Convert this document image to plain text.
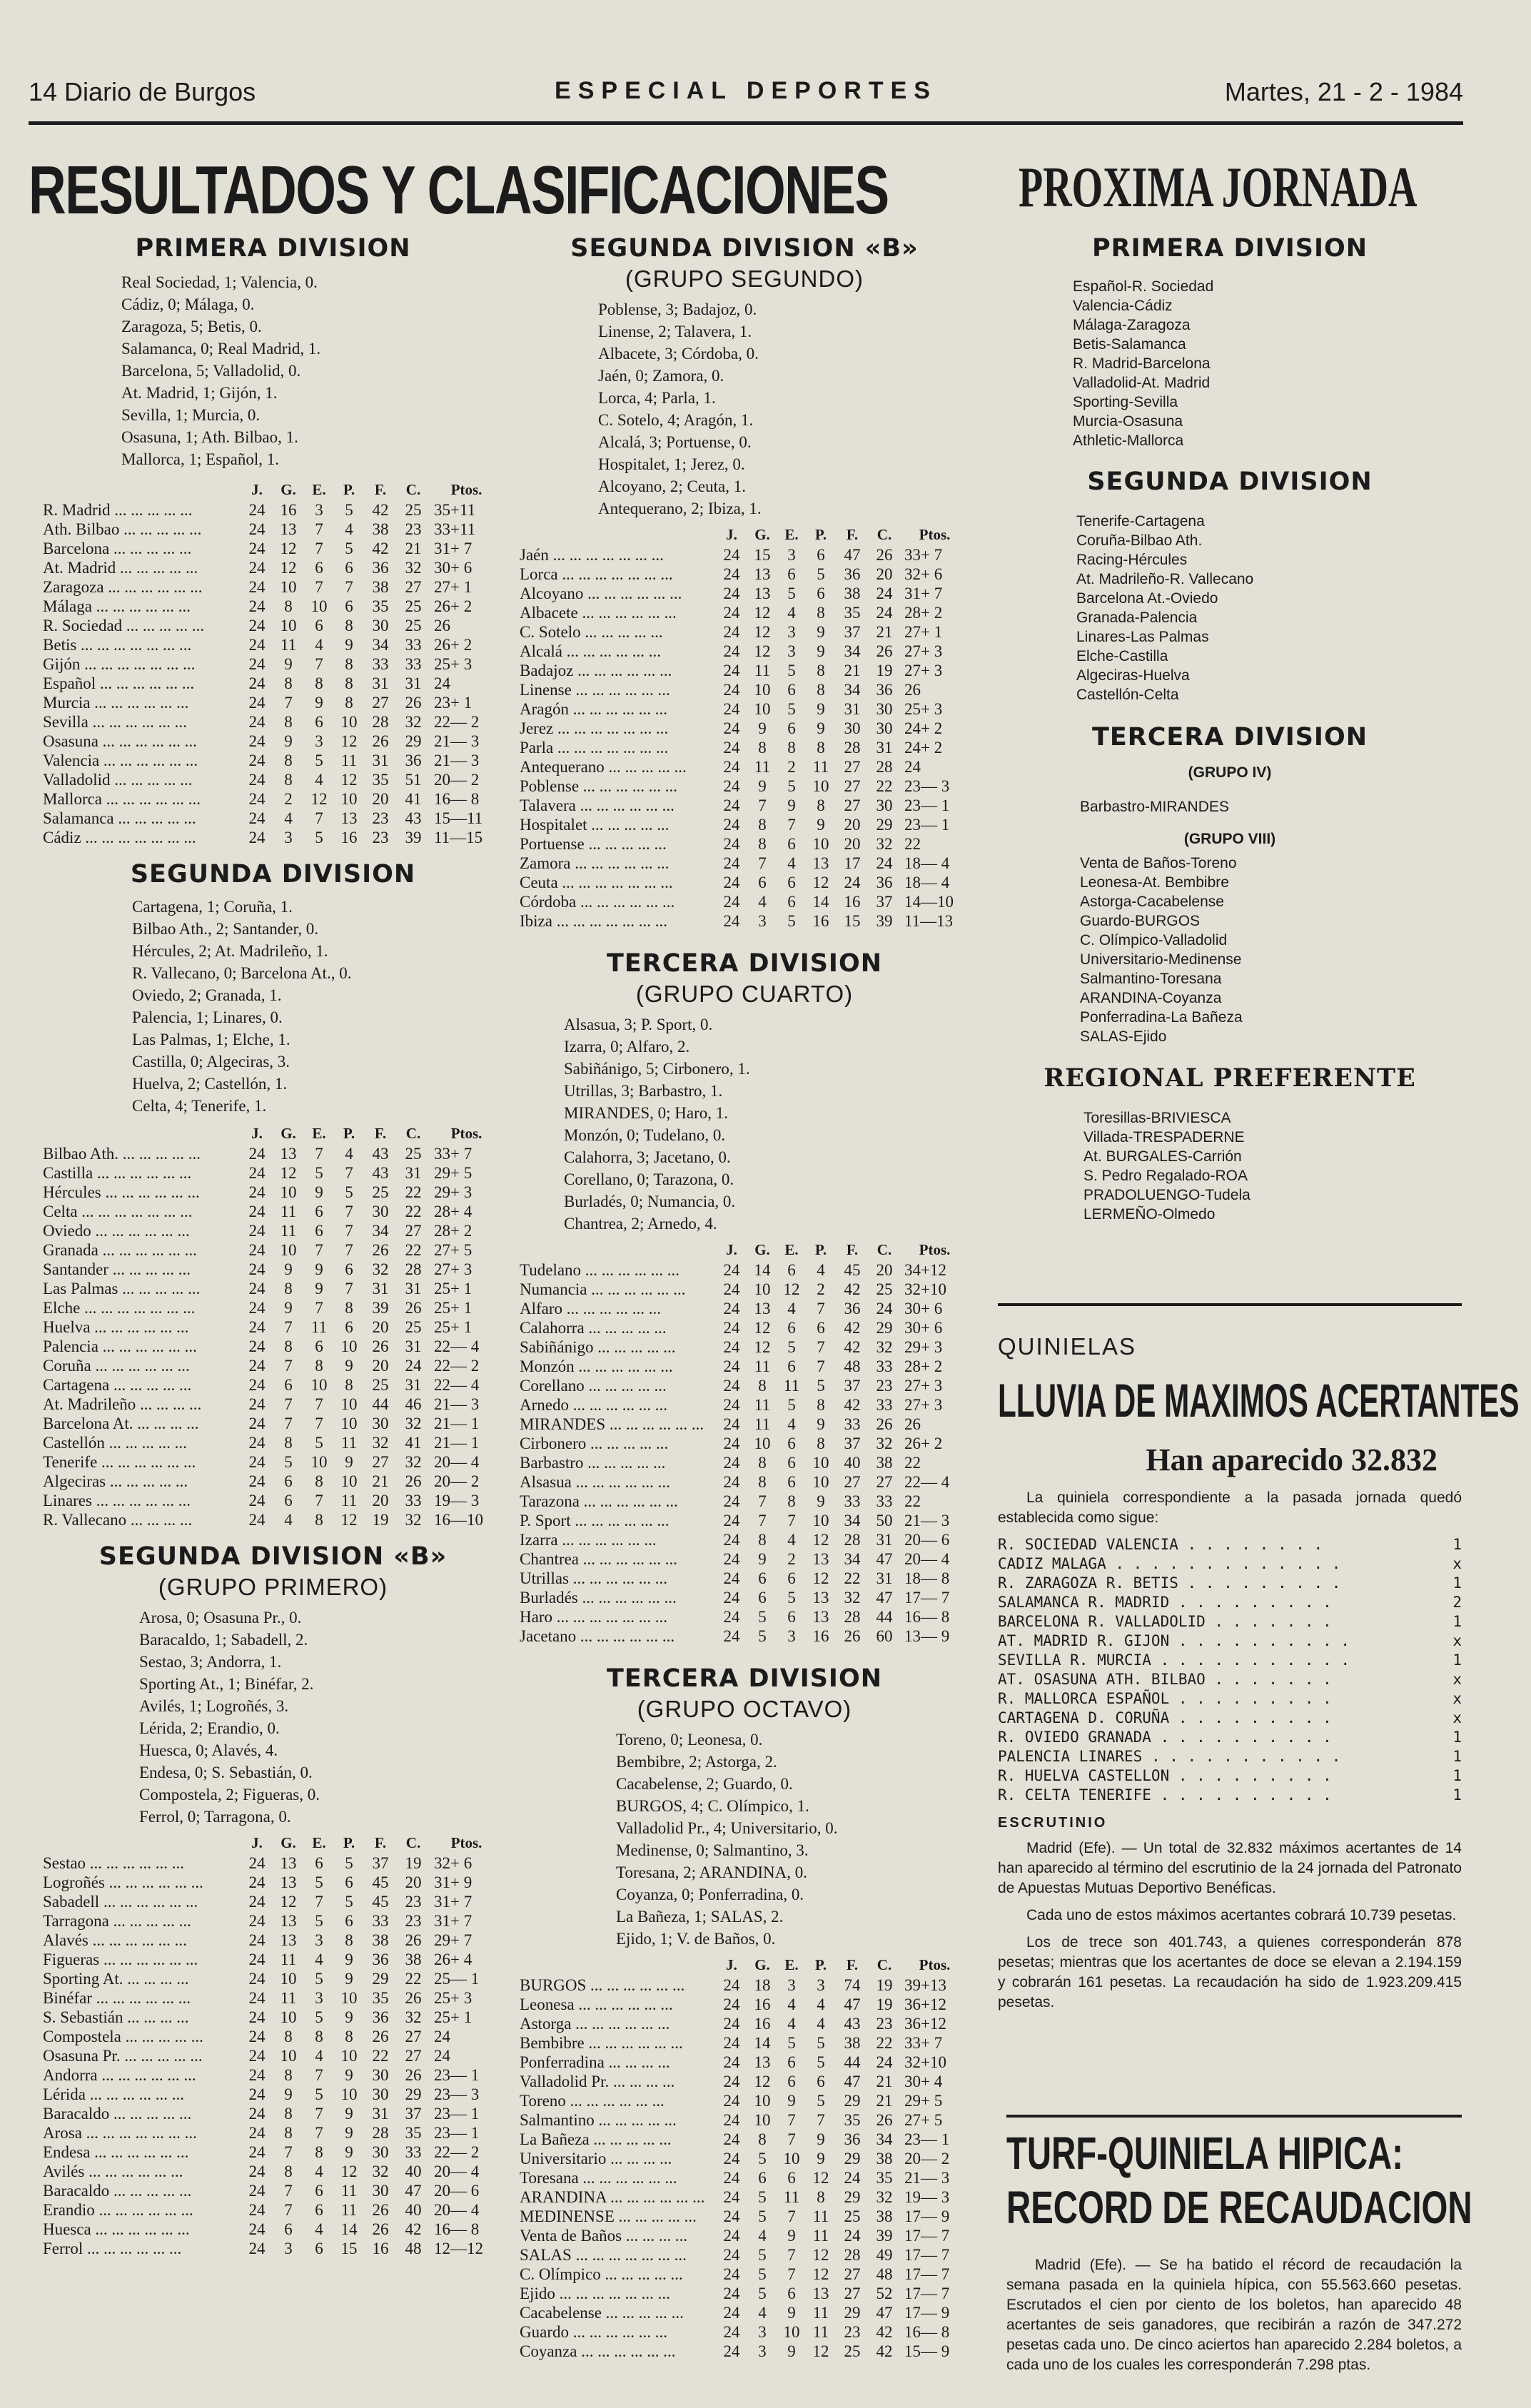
14 Diario de Burgos	ESPECIAL DEPORTES	Martes, 21 - 2 - 1984
RESULTADOS Y CLASIFICACIONES PROXIMA JORNADA
PRIMERA DIVISION
Real Sociedad, 1; Valencia, 0.
Cádiz, 0; Málaga, 0.
Zaragoza, 5; Betis, 0.
Salamanca, 0; Real Madrid, 1.
Barcelona, 5; Valladolid, 0.
At. Madrid, 1; Gijón, 1.
Sevilla, 1; Murcia, 0.
Osasuna, 1; Ath. Bilbao, 1.
Mallorca, 1; Español, 1.
	J.	G.	E.	P.	F.	C.	Ptos.
R. Madrid ... ... ... ... ...	24	16	3	5	42	25	35+11
Ath. Bilbao ... ... ... ... ...	24	13	7	4	38	23	33+11
Barcelona ... ... ... ... ...	24	12	7	5	42	21	31+ 7
At. Madrid ... ... ... ... ...	24	12	6	6	36	32	30+ 6
Zaragoza ... ... ... ... ... ...	24	10	7	7	38	27	27+ 1
Málaga ... ... ... ... ... ...	24	8	10	6	35	25	26+ 2
R. Sociedad ... ... ... ... ...	24	10	6	8	30	25	26
Betis ... ... ... ... ... ... ...	24	11	4	9	34	33	26+ 2
Gijón ... ... ... ... ... ... ...	24	9	7	8	33	33	25+ 3
Español ... ... ... ... ... ...	24	8	8	8	31	31	24
Murcia ... ... ... ... ... ...	24	7	9	8	27	26	23+ 1
Sevilla ... ... ... ... ... ...	24	8	6	10	28	32	22— 2
Osasuna ... ... ... ... ... ...	24	9	3	12	26	29	21— 3
Valencia ... ... ... ... ... ...	24	8	5	11	31	36	21— 3
Valladolid ... ... ... ... ...	24	8	4	12	35	51	20— 2
Mallorca ... ... ... ... ... ...	24	2	12	10	20	41	16— 8
Salamanca ... ... ... ... ...	24	4	7	13	23	43	15—11
Cádiz ... ... ... ... ... ... ...	24	3	5	16	23	39	11—15
SEGUNDA DIVISION
Cartagena, 1; Coruña, 1.
Bilbao Ath., 2; Santander, 0.
Hércules, 2; At. Madrileño, 1.
R. Vallecano, 0; Barcelona At., 0.
Oviedo, 2; Granada, 1.
Palencia, 1; Linares, 0.
Las Palmas, 1; Elche, 1.
Castilla, 0; Algeciras, 3.
Huelva, 2; Castellón, 1.
Celta, 4; Tenerife, 1.
	J.	G.	E.	P.	F.	C.	Ptos.
Bilbao Ath. ... ... ... ... ...	24	13	7	4	43	25	33+ 7
Castilla ... ... ... ... ... ...	24	12	5	7	43	31	29+ 5
Hércules ... ... ... ... ... ...	24	10	9	5	25	22	29+ 3
Celta ... ... ... ... ... ... ...	24	11	6	7	30	22	28+ 4
Oviedo ... ... ... ... ... ...	24	11	6	7	34	27	28+ 2
Granada ... ... ... ... ... ...	24	10	7	7	26	22	27+ 5
Santander ... ... ... ... ...	24	9	9	6	32	28	27+ 3
Las Palmas ... ... ... ... ...	24	8	9	7	31	31	25+ 1
Elche ... ... ... ... ... ... ...	24	9	7	8	39	26	25+ 1
Huelva ... ... ... ... ... ...	24	7	11	6	20	25	25+ 1
Palencia ... ... ... ... ... ...	24	8	6	10	26	31	22— 4
Coruña ... ... ... ... ... ...	24	7	8	9	20	24	22— 2
Cartagena ... ... ... ... ...	24	6	10	8	25	31	22— 4
At. Madrileño ... ... ... ...	24	7	7	10	44	46	21— 3
Barcelona At. ... ... ... ...	24	7	7	10	30	32	21— 1
Castellón ... ... ... ... ...	24	8	5	11	32	41	21— 1
Tenerife ... ... ... ... ... ...	24	5	10	9	27	32	20— 4
Algeciras ... ... ... ... ...	24	6	8	10	21	26	20— 2
Linares ... ... ... ... ... ...	24	6	7	11	20	33	19— 3
R. Vallecano ... ... ... ...	24	4	8	12	19	32	16—10
SEGUNDA DIVISION «B»
(GRUPO PRIMERO)
Arosa, 0; Osasuna Pr., 0.
Baracaldo, 1; Sabadell, 2.
Sestao, 3; Andorra, 1.
Sporting At., 1; Binéfar, 2.
Avilés, 1; Logroñés, 3.
Lérida, 2; Erandio, 0.
Huesca, 0; Alavés, 4.
Endesa, 0; S. Sebastián, 0.
Compostela, 2; Figueras, 0.
Ferrol, 0; Tarragona, 0.
	J.	G.	E.	P.	F.	C.	Ptos.
Sestao ... ... ... ... ... ...	24	13	6	5	37	19	32+ 6
Logroñés ... ... ... ... ... ...	24	13	5	6	45	20	31+ 9
Sabadell ... ... ... ... ... ...	24	12	7	5	45	23	31+ 7
Tarragona ... ... ... ... ...	24	13	5	6	33	23	31+ 7
Alavés ... ... ... ... ... ...	24	13	3	8	38	26	29+ 7
Figueras ... ... ... ... ... ...	24	11	4	9	36	38	26+ 4
Sporting At. ... ... ... ...	24	10	5	9	29	22	25— 1
Binéfar ... ... ... ... ... ...	24	11	3	10	35	26	25+ 3
S. Sebastián ... ... ... ...	24	10	5	9	36	32	25+ 1
Compostela ... ... ... ... ...	24	8	8	8	26	27	24
Osasuna Pr. ... ... ... ... ...	24	10	4	10	22	27	24
Andorra ... ... ... ... ... ...	24	8	7	9	30	26	23— 1
Lérida ... ... ... ... ... ...	24	9	5	10	30	29	23— 3
Baracaldo ... ... ... ... ...	24	8	7	9	31	37	23— 1
Arosa ... ... ... ... ... ... ...	24	8	7	9	28	35	23— 1
Endesa ... ... ... ... ... ...	24	7	8	9	30	33	22— 2
Avilés ... ... ... ... ... ...	24	8	4	12	32	40	20— 4
Baracaldo ... ... ... ... ...	24	7	6	11	30	47	20— 6
Erandio ... ... ... ... ... ...	24	7	6	11	26	40	20— 4
Huesca ... ... ... ... ... ...	24	6	4	14	26	42	16— 8
Ferrol ... ... ... ... ... ...	24	3	6	15	16	48	12—12
SEGUNDA DIVISION «B»
(GRUPO SEGUNDO)
Poblense, 3; Badajoz, 0.
Linense, 2; Talavera, 1.
Albacete, 3; Córdoba, 0.
Jaén, 0; Zamora, 0.
Lorca, 4; Parla, 1.
C. Sotelo, 4; Aragón, 1.
Alcalá, 3; Portuense, 0.
Hospitalet, 1; Jerez, 0.
Alcoyano, 2; Ceuta, 1.
Antequerano, 2; Ibiza, 1.
	J.	G.	E.	P.	F.	C.	Ptos.
Jaén ... ... ... ... ... ... ...	24	15	3	6	47	26	33+ 7
Lorca ... ... ... ... ... ... ...	24	13	6	5	36	20	32+ 6
Alcoyano ... ... ... ... ... ...	24	13	5	6	38	24	31+ 7
Albacete ... ... ... ... ... ...	24	12	4	8	35	24	28+ 2
C. Sotelo ... ... ... ... ...	24	12	3	9	37	21	27+ 1
Alcalá ... ... ... ... ... ...	24	12	3	9	34	26	27+ 3
Badajoz ... ... ... ... ... ...	24	11	5	8	21	19	27+ 3
Linense ... ... ... ... ... ...	24	10	6	8	34	36	26
Aragón ... ... ... ... ... ...	24	10	5	9	31	30	25+ 3
Jerez ... ... ... ... ... ... ...	24	9	6	9	30	30	24+ 2
Parla ... ... ... ... ... ... ...	24	8	8	8	28	31	24+ 2
Antequerano ... ... ... ... ...	24	11	2	11	27	28	24
Poblense ... ... ... ... ... ...	24	9	5	10	27	22	23— 3
Talavera ... ... ... ... ... ...	24	7	9	8	27	30	23— 1
Hospitalet ... ... ... ... ...	24	8	7	9	20	29	23— 1
Portuense ... ... ... ... ...	24	8	6	10	20	32	22
Zamora ... ... ... ... ... ...	24	7	4	13	17	24	18— 4
Ceuta ... ... ... ... ... ... ...	24	6	6	12	24	36	18— 4
Córdoba ... ... ... ... ... ...	24	4	6	14	16	37	14—10
Ibiza ... ... ... ... ... ... ...	24	3	5	16	15	39	11—13
TERCERA DIVISION
(GRUPO CUARTO)
Alsasua, 3; P. Sport, 0.
Izarra, 0; Alfaro, 2.
Sabiñánigo, 5; Cirbonero, 1.
Utrillas, 3; Barbastro, 1.
MIRANDES, 0; Haro, 1.
Monzón, 0; Tudelano, 0.
Calahorra, 3; Jacetano, 0.
Corellano, 0; Tarazona, 0.
Burladés, 0; Numancia, 0.
Chantrea, 2; Arnedo, 4.
	J.	G.	E.	P.	F.	C.	Ptos.
Tudelano ... ... ... ... ... ...	24	14	6	4	45	20	34+12
Numancia ... ... ... ... ... ...	24	10	12	2	42	25	32+10
Alfaro ... ... ... ... ... ...	24	13	4	7	36	24	30+ 6
Calahorra ... ... ... ... ...	24	12	6	6	42	29	30+ 6
Sabiñánigo ... ... ... ... ...	24	12	5	7	42	32	29+ 3
Monzón ... ... ... ... ... ...	24	11	6	7	48	33	28+ 2
Corellano ... ... ... ... ...	24	8	11	5	37	23	27+ 3
Arnedo ... ... ... ... ... ...	24	11	5	8	42	33	27+ 3
MIRANDES ... ... ... ... ... ...	24	11	4	9	33	26	26
Cirbonero ... ... ... ... ...	24	10	6	8	37	32	26+ 2
Barbastro ... ... ... ... ...	24	8	6	10	40	38	22
Alsasua ... ... ... ... ... ...	24	8	6	10	27	27	22— 4
Tarazona ... ... ... ... ... ...	24	7	8	9	33	33	22
P. Sport ... ... ... ... ... ...	24	7	7	10	34	50	21— 3
Izarra ... ... ... ... ... ...	24	8	4	12	28	31	20— 6
Chantrea ... ... ... ... ... ...	24	9	2	13	34	47	20— 4
Utrillas ... ... ... ... ... ...	24	6	6	12	22	31	18— 8
Burladés ... ... ... ... ... ...	24	6	5	13	32	47	17— 7
Haro ... ... ... ... ... ... ...	24	5	6	13	28	44	16— 8
Jacetano ... ... ... ... ... ...	24	5	3	16	26	60	13— 9
TERCERA DIVISION
(GRUPO OCTAVO)
Toreno, 0; Leonesa, 0.
Bembibre, 2; Astorga, 2.
Cacabelense, 2; Guardo, 0.
BURGOS, 4; C. Olímpico, 1.
Valladolid Pr., 4; Universitario, 0.
Medinense, 0; Salmantino, 3.
Toresana, 2; ARANDINA, 0.
Coyanza, 0; Ponferradina, 0.
La Bañeza, 1; SALAS, 2.
Ejido, 1; V. de Baños, 0.
	J.	G.	E.	P.	F.	C.	Ptos.
BURGOS ... ... ... ... ... ...	24	18	3	3	74	19	39+13
Leonesa ... ... ... ... ... ...	24	16	4	4	47	19	36+12
Astorga ... ... ... ... ... ...	24	16	4	4	43	23	36+12
Bembibre ... ... ... ... ... ...	24	14	5	5	38	22	33+ 7
Ponferradina ... ... ... ...	24	13	6	5	44	24	32+10
Valladolid Pr. ... ... ... ...	24	12	6	6	47	21	30+ 4
Toreno ... ... ... ... ... ...	24	10	9	5	29	21	29+ 5
Salmantino ... ... ... ... ...	24	10	7	7	35	26	27+ 5
La Bañeza ... ... ... ... ...	24	8	7	9	36	34	23— 1
Universitario ... ... ... ...	24	5	10	9	29	38	20— 2
Toresana ... ... ... ... ... ...	24	6	6	12	24	35	21— 3
ARANDINA ... ... ... ... ... ...	24	5	11	8	29	32	19— 3
MEDINENSE ... ... ... ... ...	24	5	7	11	25	38	17— 9
Venta de Baños ... ... ... ...	24	4	9	11	24	39	17— 7
SALAS ... ... ... ... ... ... ...	24	5	7	12	28	49	17— 7
C. Olímpico ... ... ... ... ...	24	5	7	12	27	48	17— 7
Ejido ... ... ... ... ... ... ...	24	5	6	13	27	52	17— 7
Cacabelense ... ... ... ... ...	24	4	9	11	29	47	17— 9
Guardo ... ... ... ... ... ...	24	3	10	11	23	42	16— 8
Coyanza ... ... ... ... ... ...	24	3	9	12	25	42	15— 9
PRIMERA DIVISION
Español-R. Sociedad
Valencia-Cádiz
Málaga-Zaragoza
Betis-Salamanca
R. Madrid-Barcelona
Valladolid-At. Madrid
Sporting-Sevilla
Murcia-Osasuna
Athletic-Mallorca
SEGUNDA DIVISION
Tenerife-Cartagena
Coruña-Bilbao Ath.
Racing-Hércules
At. Madrileño-R. Vallecano
Barcelona At.-Oviedo
Granada-Palencia
Linares-Las Palmas
Elche-Castilla
Algeciras-Huelva
Castellón-Celta
TERCERA DIVISION
(GRUPO IV)
Barbastro-MIRANDES
(GRUPO VIII)
Venta de Baños-Toreno
Leonesa-At. Bembibre
Astorga-Cacabelense
Guardo-BURGOS
C. Olímpico-Valladolid
Universitario-Medinense
Salmantino-Toresana
ARANDINA-Coyanza
Ponferradina-La Bañeza
SALAS-Ejido
REGIONAL PREFERENTE
Toresillas-BRIVIESCA
Villada-TRESPADERNE
At. BURGALES-Carrión
S. Pedro Regalado-ROA
PRADOLUENGO-Tudela
LERMEÑO-Olmedo
QUINIELAS
LLUVIA DE MAXIMOS ACERTANTES
Han aparecido 32.832

La quiniela correspondiente a la pasada jornada quedó establecida como sigue:

R. SOCIEDAD VALENCIA . . . . . . . .	1
CADIZ MALAGA . . . . . . . . . . . . .	x
R. ZARAGOZA R. BETIS . . . . . . . . .	1
SALAMANCA R. MADRID . . . . . . . . .	2
BARCELONA R. VALLADOLID . . . . . . .	1
AT. MADRID R. GIJON . . . . . . . . . .	x
SEVILLA R. MURCIA . . . . . . . . . . .	1
AT. OSASUNA ATH. BILBAO . . . . . . .	x
R. MALLORCA ESPAÑOL . . . . . . . . .	x
CARTAGENA D. CORUÑA . . . . . . . . .	x
R. OVIEDO GRANADA . . . . . . . . . .	1
PALENCIA LINARES . . . . . . . . . . .	1
R. HUELVA CASTELLON . . . . . . . . .	1
R. CELTA TENERIFE . . . . . . . . . .	1
ESCRUTINIO

Madrid (Efe). — Un total de 32.832 máximos acertantes de 14 han aparecido al término del escrutinio de la 24 jornada del Patronato de Apuestas Mutuas Deportivo Benéficas.

Cada uno de estos máximos acertantes cobrará 10.739 pesetas.

Los de trece son 401.743, a quienes corresponderán 878 pesetas; mientras que los acertantes de doce se elevan a 2.194.159 y cobrarán 161 pesetas. La recaudación ha sido de 1.923.209.415 pesetas.

TURF-QUINIELA HIPICA:
RECORD DE RECAUDACION

Madrid (Efe). — Se ha batido el récord de recaudación la semana pasada en la quiniela hípica, con 55.563.660 pesetas. Escrutados el cien por ciento de los boletos, han aparecido 48 acertantes de seis ganadores, que recibirán a razón de 347.272 pesetas cada uno. De cinco aciertos han aparecido 2.284 boletos, a cada uno de los cuales les corresponderán 7.298 ptas.
